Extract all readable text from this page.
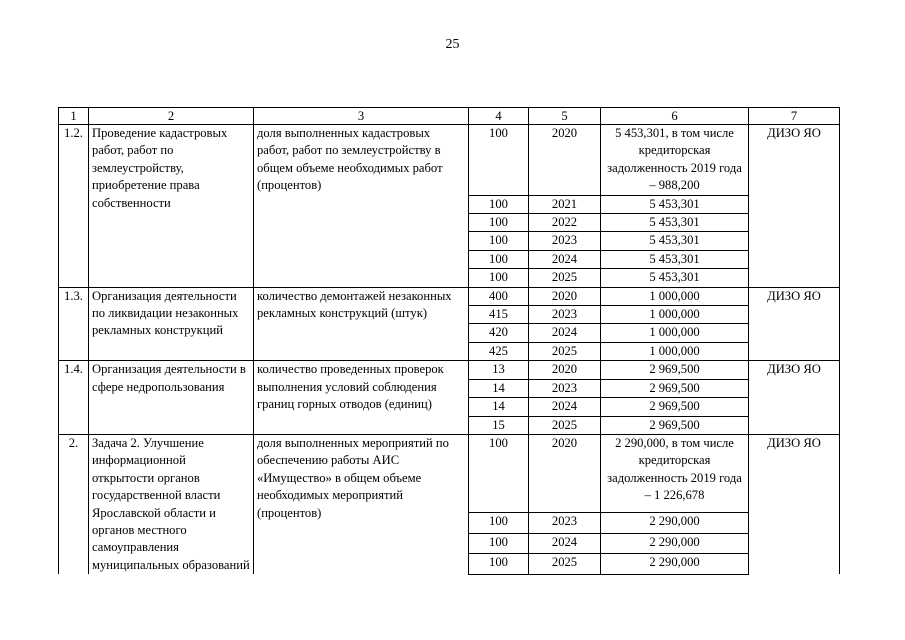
25
1	2	3	4	5	6	7
1.2.	Проведение кадастровых работ, работ по землеустройству, приобретение права собственности	доля выполненных кадастровых работ, работ по землеустройству в общем объеме необходимых работ (процентов)	100	2020	5 453,301, в том числе кредиторская задолженность 2019 года – 988,200	ДИЗО ЯО
			100	2021	5 453,301	
			100	2022	5 453,301	
			100	2023	5 453,301	
			100	2024	5 453,301	
			100	2025	5 453,301	
1.3.	Организация деятельности по ликвидации незаконных рекламных конструкций	количество демонтажей незаконных рекламных конструкций (штук)	400	2020	1 000,000	ДИЗО ЯО
			415	2023	1 000,000	
			420	2024	1 000,000	
			425	2025	1 000,000	
1.4.	Организация деятельности в сфере недропользования	количество проведенных проверок выполнения условий соблюдения границ горных отводов (единиц)	13	2020	2 969,500	ДИЗО ЯО
			14	2023	2 969,500	
			14	2024	2 969,500	
			15	2025	2 969,500	
2.	Задача 2. Улучшение информационной открытости органов государственной власти Ярославской области и органов местного самоуправления муниципальных образований	доля выполненных мероприятий по обеспечению работы АИС «Имущество» в общем объеме необходимых мероприятий (процентов)	100	2020	2 290,000, в том числе кредиторская задолженность 2019 года – 1 226,678	ДИЗО ЯО
			100	2023	2 290,000	
			100	2024	2 290,000	
			100	2025	2 290,000	
